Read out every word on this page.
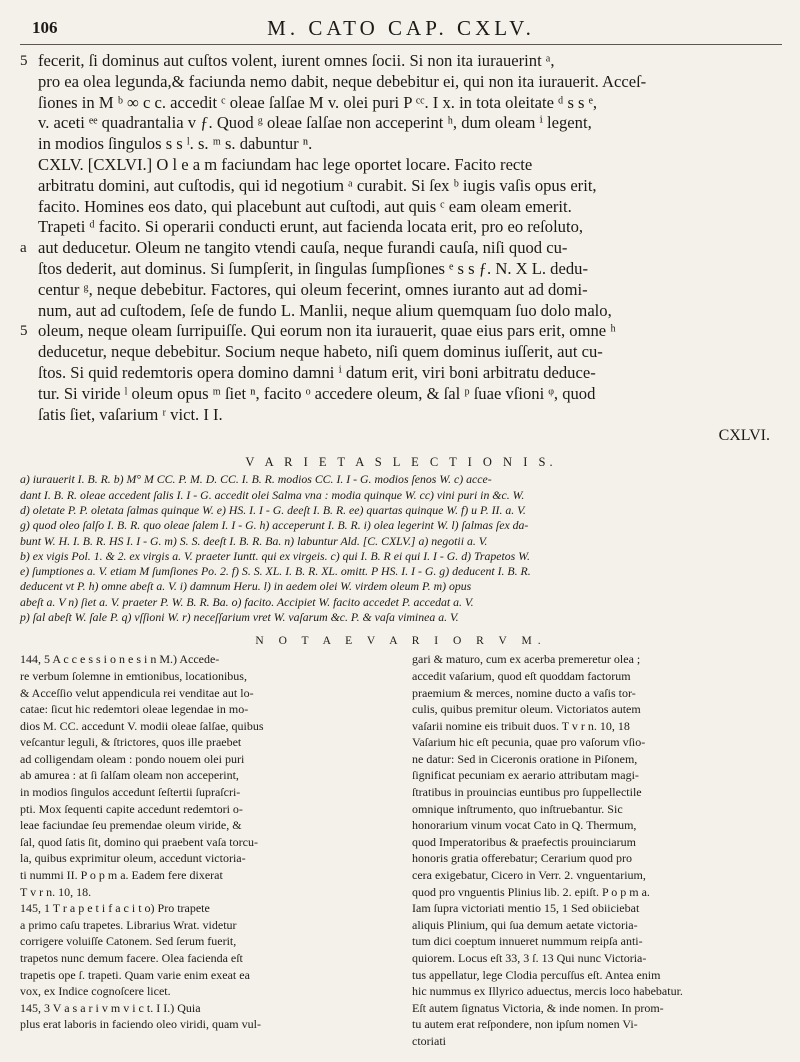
106	M. CATO CAP. CXLV.
5 fecerit, ſi dominus aut cuſtos volent, iurent omnes ſocii. Si non ita iurauerint ᵃ,
pro ea olea legunda,& faciunda nemo dabit, neque debebitur ei, qui non ita iurauerit. Acceſ-
ſiones in M ᵇ ∞ c c. accedit ᶜ oleae ſalſae M v. olei puri P ᶜᶜ. I x. in tota oleitate ᵈ s s ᵉ,
v. aceti ᵉᵉ quadrantalia v ƒ. Quod ᵍ oleae ſalſae non acceperint ʰ, dum oleam ⁱ legent,
in modios ſingulos s s ˡ. s. ᵐ s. dabuntur ⁿ.
CXLV. [CXLVI.] O l e a m faciundam hac lege oportet locare. Facito recte
arbitratu domini, aut cuſtodis, qui id negotium ᵃ curabit. Si ſex ᵇ iugis vaſis opus erit,
facito. Homines eos dato, qui placebunt aut cuſtodi, aut quis ᶜ eam oleam emerit.
Trapeti ᵈ facito. Si operarii conducti erunt, aut facienda locata erit, pro eo reſoluto,
a aut deducetur. Oleum ne tangito vtendi cauſa, neque furandi cauſa, niſi quod cu-
ſtos dederit, aut dominus. Si ſumpſerit, in ſingulas ſumpſiones ᵉ s s ƒ. N. X L. dedu-
centur ᵍ, neque debebitur. Factores, qui oleum fecerint, omnes iuranto aut ad domi-
num, aut ad cuſtodem, ſeſe de fundo L. Manlii, neque alium quemquam ſuo dolo malo,
5 oleum, neque oleam ſurripuiſſe. Qui eorum non ita iurauerit, quae eius pars erit, omne ʰ
deducetur, neque debebitur. Socium neque habeto, niſi quem dominus iuſſerit, aut cu-
ſtos. Si quid redemtoris opera domino damni ⁱ datum erit, viri boni arbitratu deduce-
tur. Si viride ˡ oleum opus ᵐ ſiet ⁿ, facito ᵒ accedere oleum, & ſal ᵖ ſuae vſioni ᵠ, quod
ſatis ſiet, vaſarium ʳ vict. I I.
CXLVI.
V A R I E T A S L E C T I O N I S.
a) iurauerit I. B. R. b) M° M CC. P. M. D. CC. I. B. R. modios CC. I. I - G. modios ſenos W. c) acce-
dant I. B. R. oleae accedent ſalis I. I - G. accedit olei Salma vna : modia quinque W. cc) vini puri in &c. W.
d) oletate P. P. oletata ſalmas quinque W. e) HS. I. I - G. deeſt I. B. R. ee) quartas quinque W. f) u P. II. a. V.
g) quod oleo ſalſo I. B. R. quo oleae ſalem I. I - G. h) acceperunt I. B. R. i) olea legerint W. l) ſalmas ſex da-
bunt W. H. I. B. R. HS I. I - G. m) S. S. deeſt I. B. R. Ba. n) labuntur Ald. [C. CXLV.] a) negotii a. V.
b) ex vigis Pol. 1. & 2. ex virgis a. V. praeter Iuntt. qui ex virgeis. c) qui I. B. R ei qui I. I - G. d) Trapetos W.
e) ſumptiones a. V. etiam M ſumſiones Po. 2. f) S. S. XL. I. B. R. XL. omitt. P HS. I. I - G. g) deducent I. B. R.
deducent vt P. h) omne abeſt a. V. i) damnum Heru. l) in aedem olei W. virdem oleum P. m) opus
abeſt a. V n) ſiet a. V. praeter P. W. B. R. Ba. o) facito. Accipiet W. facito accedet P. accedat a. V.
p) ſal abeſt W. ſale P. q) vſſioni W. r) neceſſarium vret W. vaſarum &c. P. & vaſa viminea a. V.
N O T A E V A R I O R V M.
144, 5 A c c e s s i o n e s i n M.) Accede-
re verbum ſolemne in emtionibus, locationibus,
& Acceſſio velut appendicula rei venditae aut lo-
catae: ſicut hic redemtori oleae legendae in mo-
dios M. CC. accedunt V. modii oleae ſalſae, quibus
veſcantur leguli, & ſtrictores, quos ille praebet
ad colligendam oleam : pondo nouem olei puri
ab amurea : at ſi ſalſam oleam non acceperint,
in modios ſingulos accedunt ſeſtertii ſupraſcri-
pti. Mox ſequenti capite accedunt redemtori o-
leae faciundae ſeu premendae oleum viride, &
ſal, quod ſatis ſit, domino qui praebent vaſa torcu-
la, quibus exprimitur oleum, accedunt victoria-
ti nummi II. P o p m a. Eadem fere dixerat
T v r n. 10, 18.
145, 1 T r a p e t i f a c i t o) Pro trapete
a primo caſu trapetes. Librarius Wrat. videtur
corrigere voluiſſe Catonem. Sed ſerum fuerit,
trapetos nunc demum facere. Olea facienda eſt
trapetis ope ſ. trapeti. Quam varie enim exeat ea
vox, ex Indice cognoſcere licet.
145, 3 V a s a r i v m v i c t. I I.) Quia
plus erat laboris in faciendo oleo viridi, quam vul-
gari & maturo, cum ex acerba premeretur olea ;
accedit vaſarium, quod eſt quoddam factorum
praemium & merces, nomine ducto a vaſis tor-
culis, quibus premitur oleum. Victoriatos autem
vaſarii nomine eis tribuit duos. T v r n. 10, 18
Vaſarium hic eſt pecunia, quae pro vaſorum vſio-
ne datur: Sed in Ciceronis oratione in Piſonem,
ſignificat pecuniam ex aerario attributam magi-
ſtratibus in prouincias euntibus pro ſuppellectile
omnique inſtrumento, quo inſtruebantur. Sic
honorarium vinum vocat Cato in Q. Thermum,
quod Imperatoribus & praefectis prouinciarum
honoris gratia offerebatur; Cerarium quod pro
cera exigebatur, Cicero in Verr. 2. vnguentarium,
quod pro vnguentis Plinius lib. 2. epiſt. P o p m a.
Iam ſupra victoriati mentio 15, 1 Sed obiiciebat
aliquis Plinium, qui ſua demum aetate victoria-
tum dici coeptum innueret nummum reipſa anti-
quiorem. Locus eſt 33, 3 ſ. 13 Qui nunc Victoria-
tus appellatur, lege Clodia percuſſus eſt. Antea enim
hic nummus ex Illyrico aduectus, mercis loco habebatur.
Eſt autem ſignatus Victoria, & inde nomen. In prom-
tu autem erat reſpondere, non ipſum nomen Vi-
ctoriati
